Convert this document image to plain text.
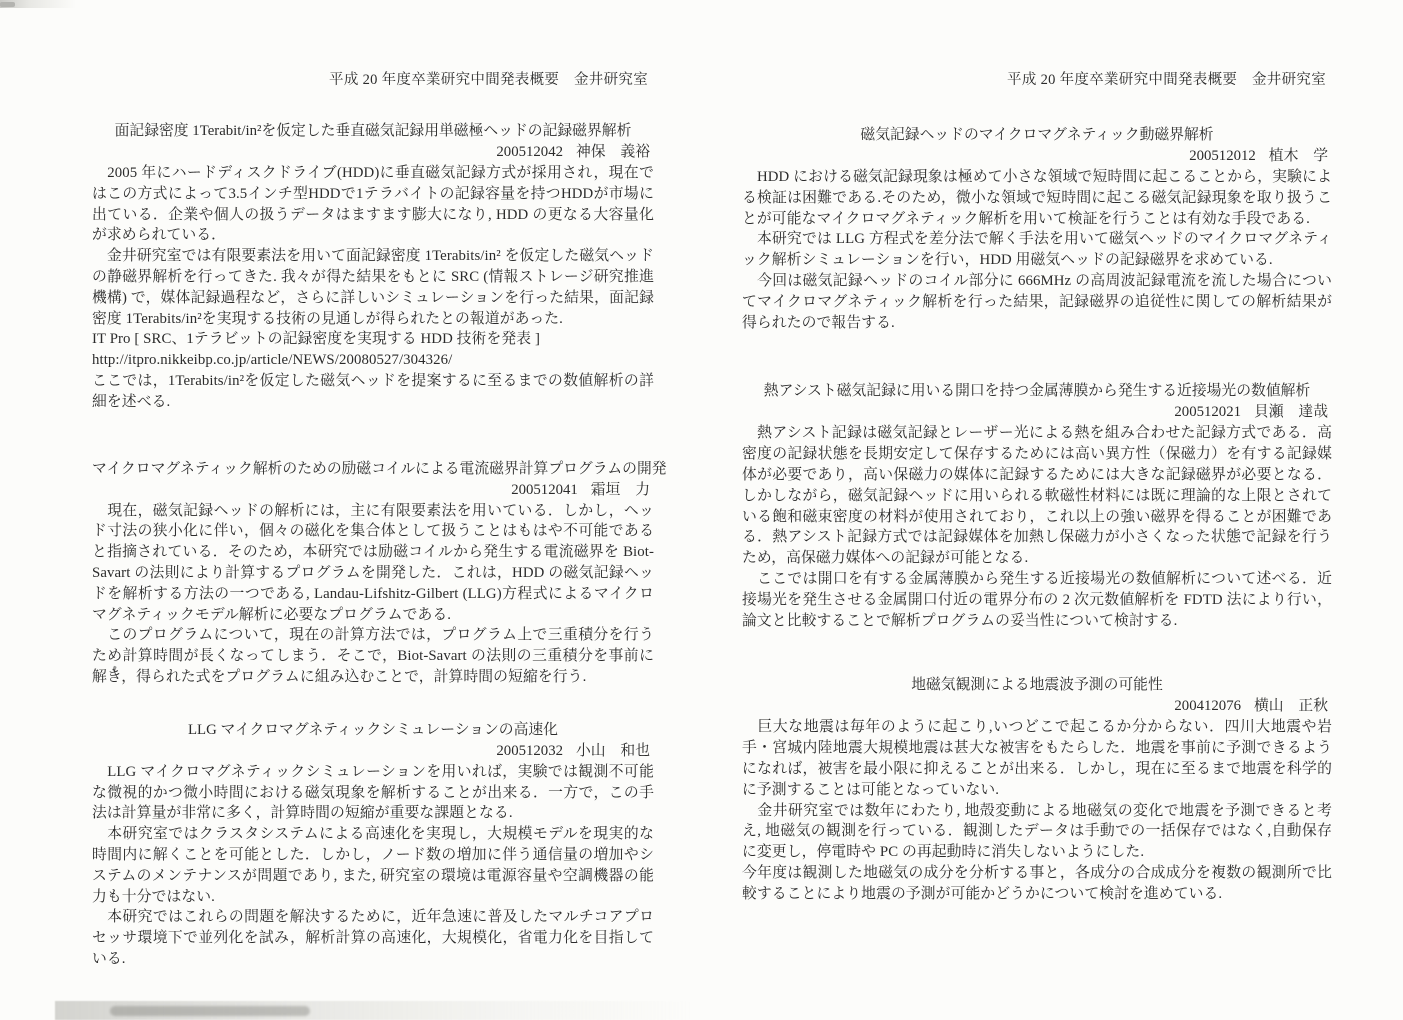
平成 20 年度卒業研究中間発表概要　金井研究室
面記録密度 1Terabit/in²を仮定した垂直磁気記録用単磁極ヘッドの記録磁界解析
200512042 神保　義裕

　2005 年にハードディスクドライブ(HDD)に垂直磁気記録方式が採用され，現在ではこの方式によって3.5インチ型HDDで1テラバイトの記録容量を持つHDDが市場に出ている．企業や個人の扱うデータはますます膨大になり, HDD の更なる大容量化が求められている．

　金井研究室では有限要素法を用いて面記録密度 1Terabits/in² を仮定した磁気ヘッドの静磁界解析を行ってきた. 我々が得た結果をもとに SRC (情報ストレージ研究推進機構) で，媒体記録過程など，さらに詳しいシミュレーションを行った結果，面記録密度 1Terabits/in²を実現する技術の見通しが得られたとの報道があった.

IT Pro [ SRC、1テラビットの記録密度を実現する HDD 技術を発表 ]

http://itpro.nikkeibp.co.jp/article/NEWS/20080527/304326/

ここでは，1Terabits/in²を仮定した磁気ヘッドを提案するに至るまでの数値解析の詳細を述べる.

マイクロマグネティック解析のための励磁コイルによる電流磁界計算プログラムの開発
200512041 霜垣　力

　現在，磁気記録ヘッドの解析には，主に有限要素法を用いている．しかし，ヘッド寸法の狭小化に伴い，個々の磁化を集合体として扱うことはもはや不可能であると指摘されている．そのため，本研究では励磁コイルから発生する電流磁界を Biot-Savart の法則により計算するプログラムを開発した．これは，HDD の磁気記録ヘッドを解析する方法の一つである, Landau-Lifshitz-Gilbert (LLG)方程式によるマイクロマグネティックモデル解析に必要なプログラムである.

　このプログラムについて，現在の計算方法では，プログラム上で三重積分を行うため計算時間が長くなってしまう．そこで，Biot-Savart の法則の三重積分を事前に解き，得られた式をプログラムに組み込むことで，計算時間の短縮を行う.

LLG マイクロマグネティックシミュレーションの高速化
200512032 小山　和也

　LLG マイクロマグネティックシミュレーションを用いれば，実験では観測不可能な微視的かつ微小時間における磁気現象を解析することが出来る．一方で，この手法は計算量が非常に多く，計算時間の短縮が重要な課題となる.

　本研究室ではクラスタシステムによる高速化を実現し，大規模モデルを現実的な時間内に解くことを可能とした．しかし，ノード数の増加に伴う通信量の増加やシステムのメンテナンスが問題であり, また, 研究室の環境は電源容量や空調機器の能力も十分ではない.

　本研究ではこれらの問題を解決するために，近年急速に普及したマルチコアプロセッサ環境下で並列化を試み，解析計算の高速化，大規模化，省電力化を目指している.

平成 20 年度卒業研究中間発表概要　金井研究室
磁気記録ヘッドのマイクロマグネティック動磁界解析
200512012 植木　学

　HDD における磁気記録現象は極めて小さな領域で短時間に起こることから，実験による検証は困難である.そのため，微小な領域で短時間に起こる磁気記録現象を取り扱うことが可能なマイクロマグネティック解析を用いて検証を行うことは有効な手段である.

　本研究では LLG 方程式を差分法で解く手法を用いて磁気ヘッドのマイクロマグネティック解析シミュレーションを行い，HDD 用磁気ヘッドの記録磁界を求めている.

　今回は磁気記録ヘッドのコイル部分に 666MHz の高周波記録電流を流した場合についてマイクロマグネティック解析を行った結果，記録磁界の追従性に関しての解析結果が得られたので報告する.

熱アシスト磁気記録に用いる開口を持つ金属薄膜から発生する近接場光の数値解析
200512021 貝瀬　達哉

　熱アシスト記録は磁気記録とレーザー光による熱を組み合わせた記録方式である．高密度の記録状態を長期安定して保存するためには高い異方性（保磁力）を有する記録媒体が必要であり，高い保磁力の媒体に記録するためには大きな記録磁界が必要となる．しかしながら，磁気記録ヘッドに用いられる軟磁性材料には既に理論的な上限とされている飽和磁束密度の材料が使用されており，これ以上の強い磁界を得ることが困難である．熱アシスト記録方式では記録媒体を加熱し保磁力が小さくなった状態で記録を行うため，高保磁力媒体への記録が可能となる.

　ここでは開口を有する金属薄膜から発生する近接場光の数値解析について述べる．近接場光を発生させる金属開口付近の電界分布の 2 次元数値解析を FDTD 法により行い，論文と比較することで解析プログラムの妥当性について検討する.

地磁気観測による地震波予測の可能性
200412076 横山　正秋

　巨大な地震は毎年のように起こり,いつどこで起こるか分からない．四川大地震や岩手・宮城内陸地震大規模地震は甚大な被害をもたらした．地震を事前に予測できるようになれば，被害を最小限に抑えることが出来る．しかし，現在に至るまで地震を科学的に予測することは可能となっていない.

　金井研究室では数年にわたり, 地殻変動による地磁気の変化で地震を予測できると考え, 地磁気の観測を行っている．観測したデータは手動での一括保存ではなく,自動保存に変更し，停電時や PC の再起動時に消失しないようにした.

今年度は観測した地磁気の成分を分析する事と，各成分の合成成分を複数の観測所で比較することにより地震の予測が可能かどうかについて検討を進めている.
